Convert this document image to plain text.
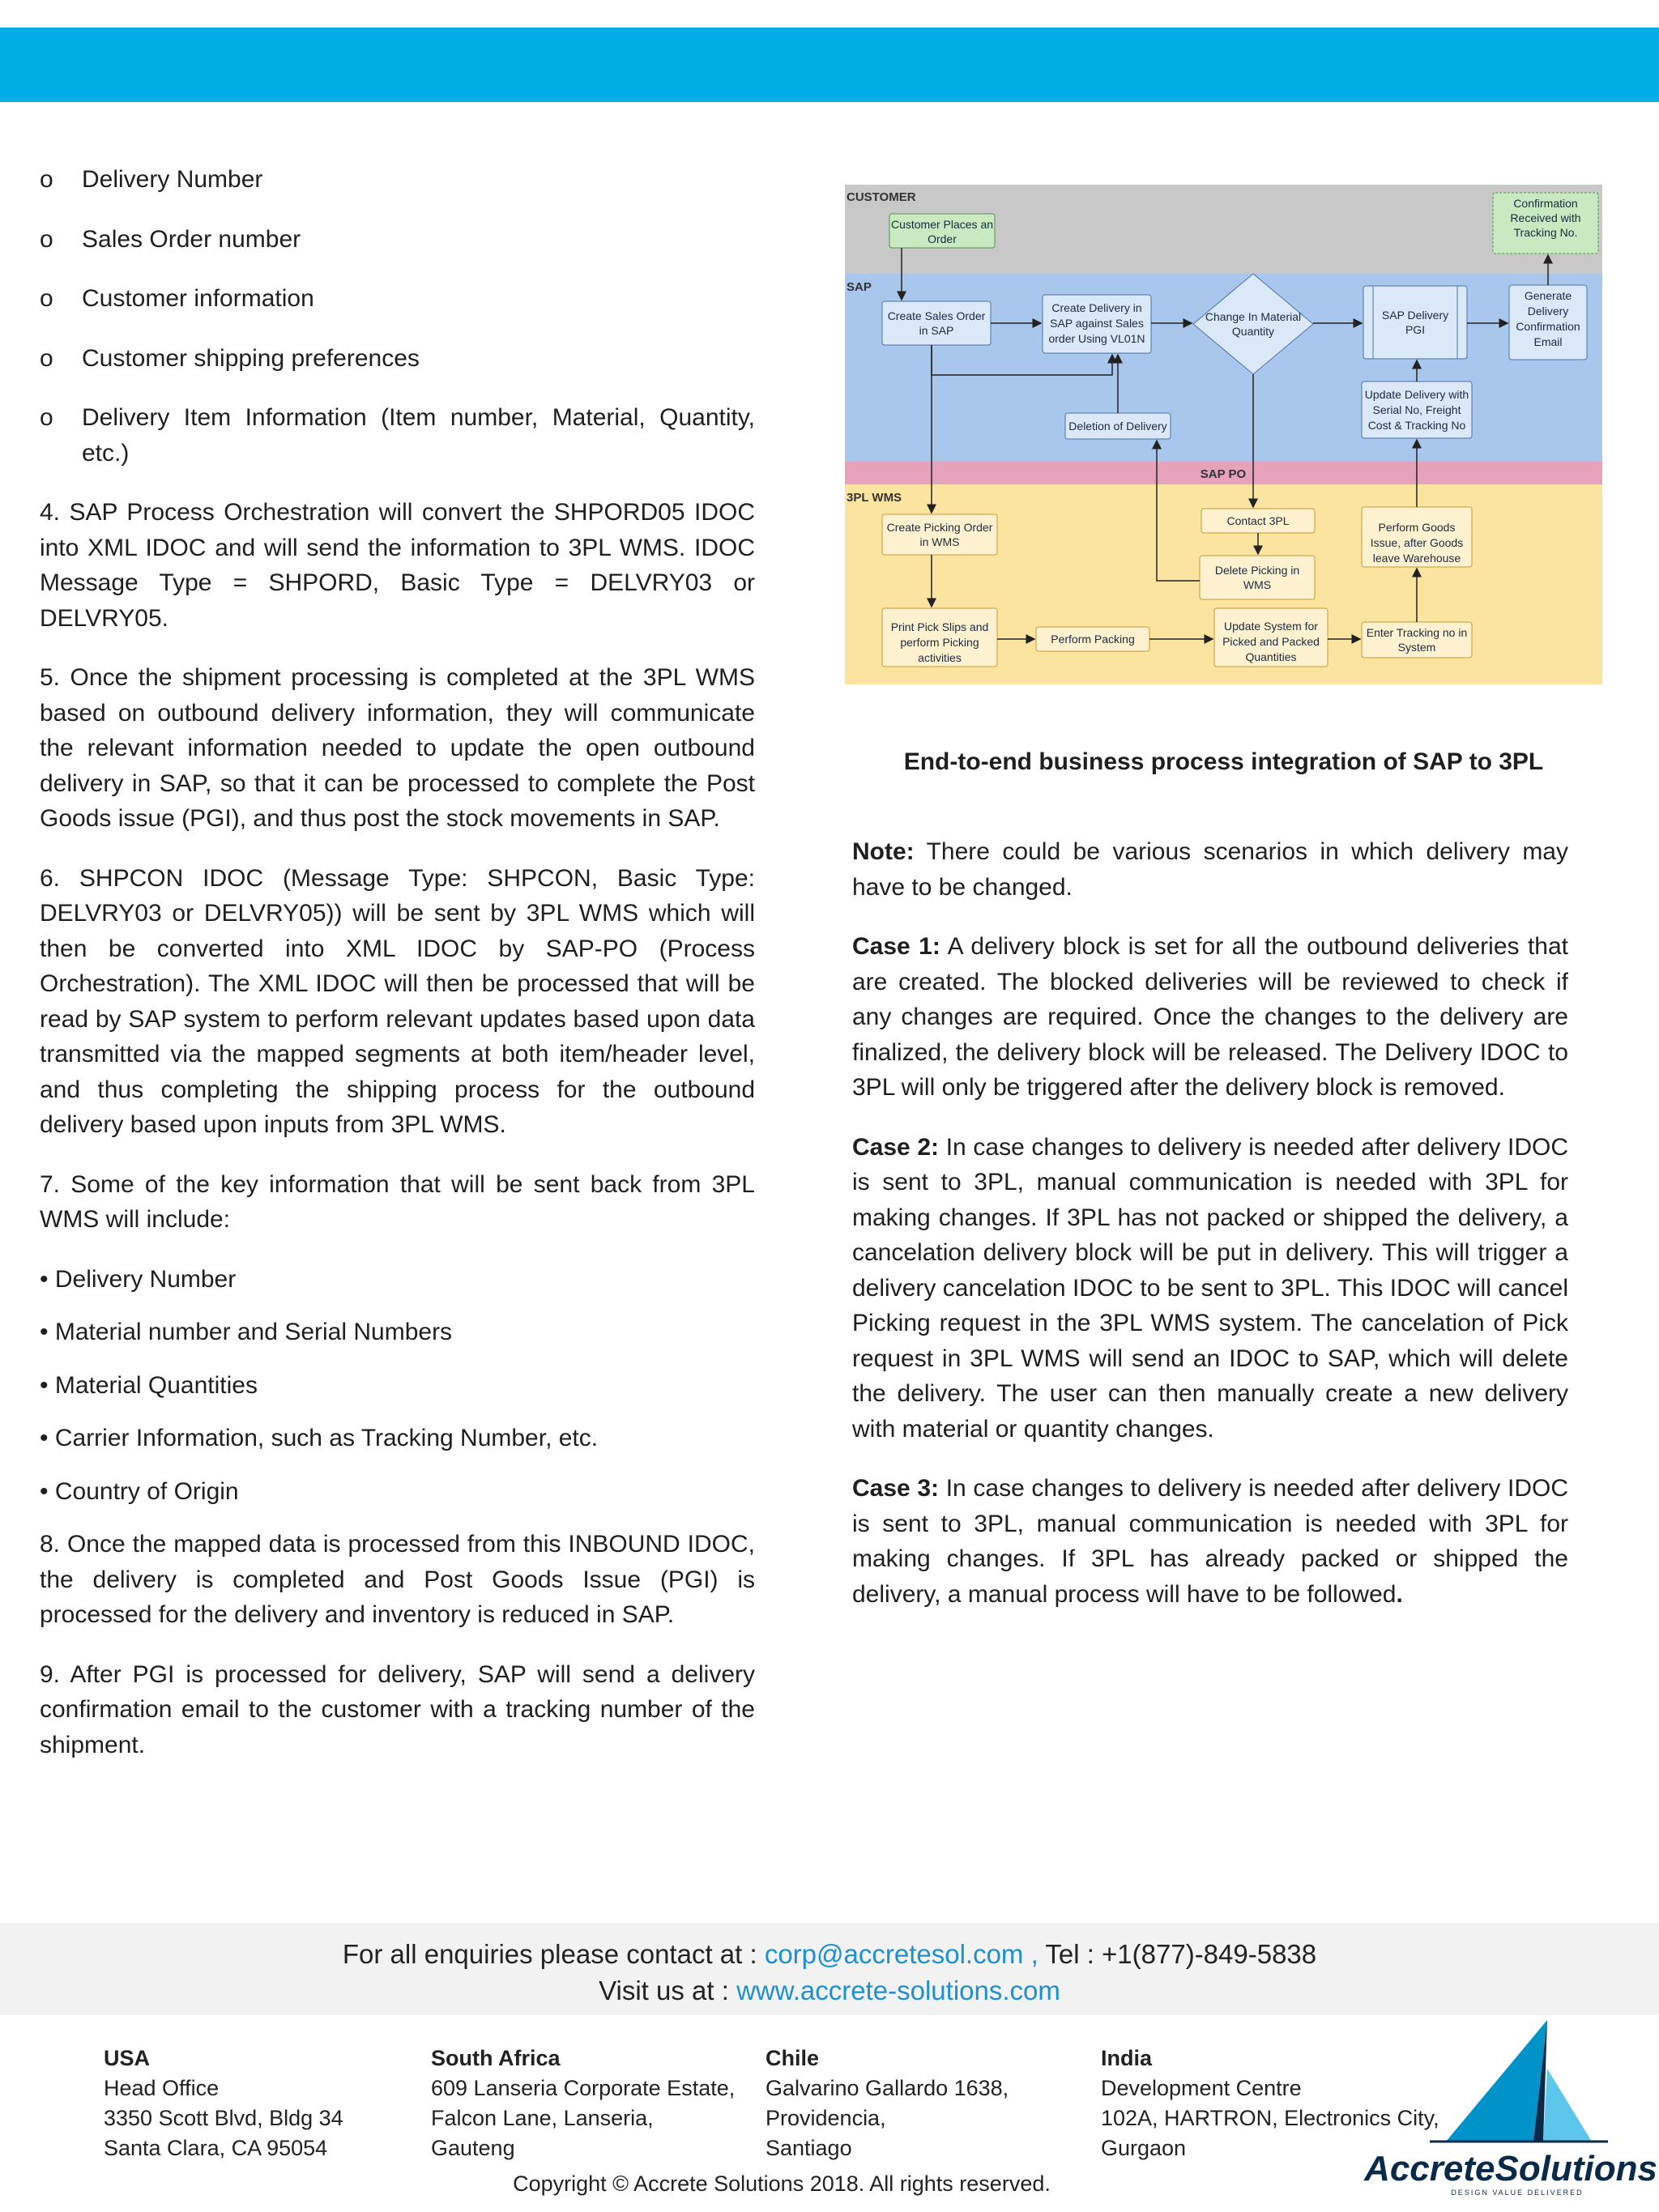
o Delivery Number
o Sales Order number
o Customer information
o Customer shipping preferences
o Delivery Item Information (Item number, Material, Quantity, etc.)

4. SAP Process Orchestration will convert the SHPORD05 IDOC into XML IDOC and will send the information to 3PL WMS. IDOC Message Type = SHPORD, Basic Type = DELVRY03 or DELVRY05.

5. Once the shipment processing is completed at the 3PL WMS based on outbound delivery information, they will communicate the relevant information needed to update the open outbound delivery in SAP, so that it can be processed to complete the Post Goods issue (PGI), and thus post the stock movements in SAP.

6. SHPCON IDOC (Message Type: SHPCON, Basic Type: DELVRY03 or DELVRY05)) will be sent by 3PL WMS which will then be converted into XML IDOC by SAP-PO (Process Orchestration). The XML IDOC will then be processed that will be read by SAP system to perform relevant updates based upon data transmitted via the mapped segments at both item/header level, and thus completing the shipping process for the outbound delivery based upon inputs from 3PL WMS.

7. Some of the key information that will be sent back from 3PL WMS will include:

• Delivery Number
• Material number and Serial Numbers
• Material Quantities
• Carrier Information, such as Tracking Number, etc.
• Country of Origin

8. Once the mapped data is processed from this INBOUND IDOC, the delivery is completed and Post Goods Issue (PGI) is processed for the delivery and inventory is reduced in SAP.

9. After PGI is processed for delivery, SAP will send a delivery confirmation email to the customer with a tracking number of the shipment.

CUSTOMER
SAP
SAP PO
3PL WMS
Customer Places an Order
Confirmation Received with Tracking No.
Create Sales Order in SAP
Create Delivery in SAP against Sales order Using VL01N
Change In Material Quantity
SAP Delivery PGI
Generate Delivery Confirmation Email
Update Delivery with Serial No, Freight Cost & Tracking No
Deletion of Delivery
Create Picking Order in WMS
Contact 3PL
Delete Picking in WMS
Perform Goods Issue, after Goods leave Warehouse
Print Pick Slips and perform Picking activities
Perform Packing
Update System for Picked and Packed Quantities
Enter Tracking no in System
End-to-end business process integration of SAP to 3PL

Note: There could be various scenarios in which delivery may have to be changed.

Case 1: A delivery block is set for all the outbound deliveries that are created. The blocked deliveries will be reviewed to check if any changes are required. Once the changes to the delivery are finalized, the delivery block will be released. The Delivery IDOC to 3PL will only be triggered after the delivery block is removed.

Case 2: In case changes to delivery is needed after delivery IDOC is sent to 3PL, manual communication is needed with 3PL for making changes. If 3PL has not packed or shipped the delivery, a cancelation delivery block will be put in delivery. This will trigger a delivery cancelation IDOC to be sent to 3PL. This IDOC will cancel Picking request in the 3PL WMS system. The cancelation of Pick request in 3PL WMS will send an IDOC to SAP, which will delete the delivery. The user can then manually create a new delivery with material or quantity changes.

Case 3: In case changes to delivery is needed after delivery IDOC is sent to 3PL, manual communication is needed with 3PL for making changes. If 3PL has already packed or shipped the delivery, a manual process will have to be followed.

For all enquiries please contact at : corp@accretesol.com , Tel : +1(877)-849-5838
Visit us at : www.accrete-solutions.com
USA
Head Office
3350 Scott Blvd, Bldg 34
Santa Clara, CA 95054
South Africa
609 Lanseria Corporate Estate,
Falcon Lane, Lanseria,
Gauteng
Chile
Galvarino Gallardo 1638,
Providencia,
Santiago
India
Development Centre
102A, HARTRON, Electronics City,
Gurgaon
AccreteSolutions
DESIGN VALUE DELIVERED
Copyright © Accrete Solutions 2018. All rights reserved.
